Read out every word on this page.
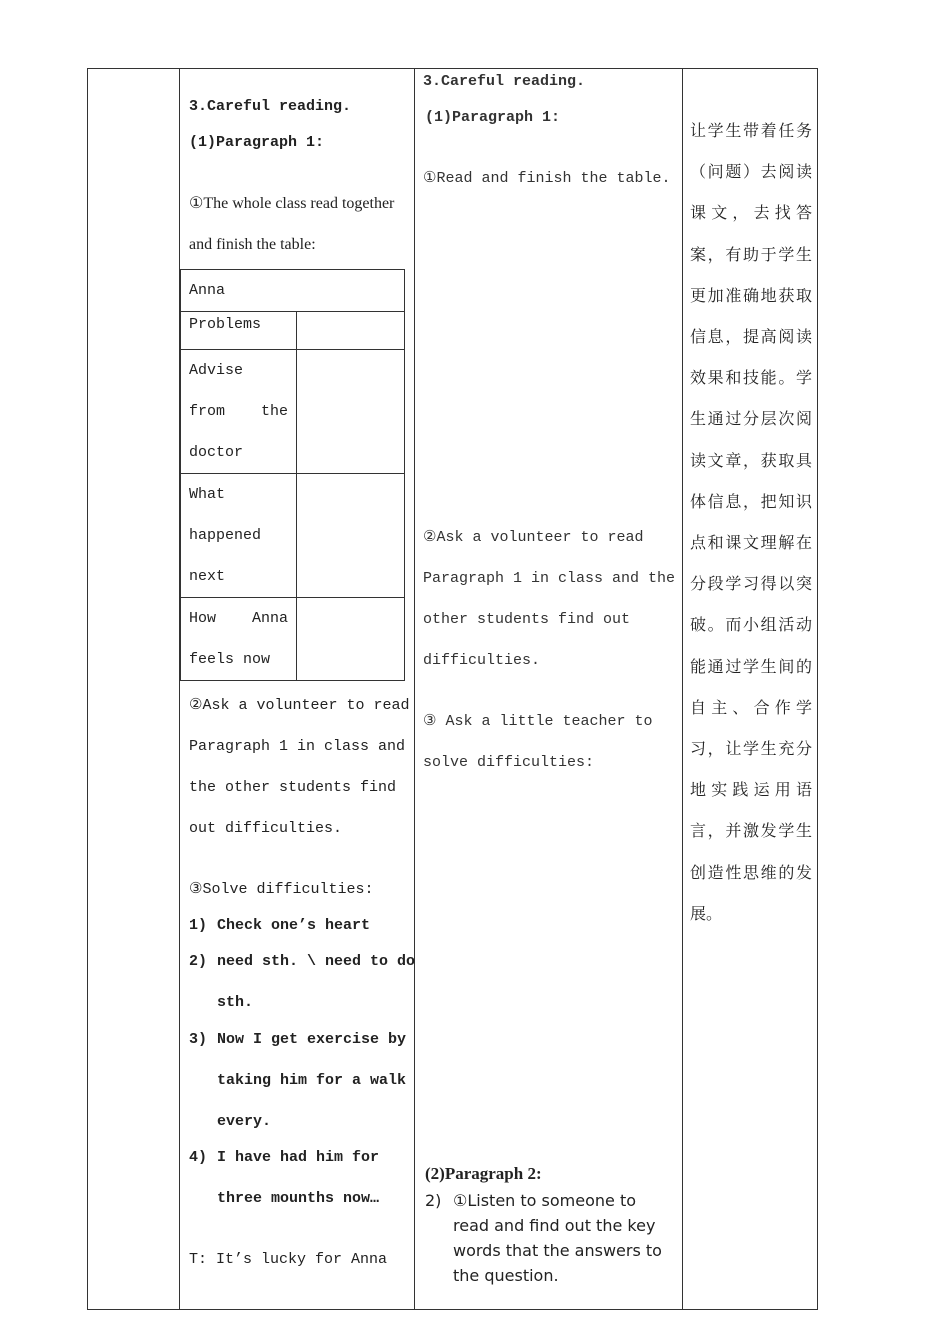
3.Careful reading.
(1)Paragraph 1:
①The whole class read together
and finish the table:
Anna	
Problems	

Advise
from    the
doctor	

What
happened
next	

How    Anna
feels now	

②Ask a volunteer to read
Paragraph 1 in class and
the other students find
out difficulties.
③Solve difficulties:
1) Check one’s heart
2) need sth. \ need to do
sth.
3) Now I get exercise by
taking him for a walk
every.
4) I have had him for
three mounths now…
T: It’s lucky for Anna
3.Careful reading.
(1)Paragraph 1:
①Read and finish the table.
②Ask a volunteer to read
Paragraph 1 in class and the
other students find out
difficulties.
③ Ask a little teacher to
solve difficulties:
(2)Paragraph 2:
2) ①Listen to someone to
read and find out the key
words that the answers to
the question.
让学生带着任务（问题）去阅读课文，去找答案，有助于学生更加准确地获取信息，提高阅读效果和技能。学生通过分层次阅读文章，获取具体信息，把知识点和课文理解在分段学习得以突破。而小组活动能通过学生间的自主、合作学习，让学生充分地实践运用语言，并激发学生创造性思维的发展。
